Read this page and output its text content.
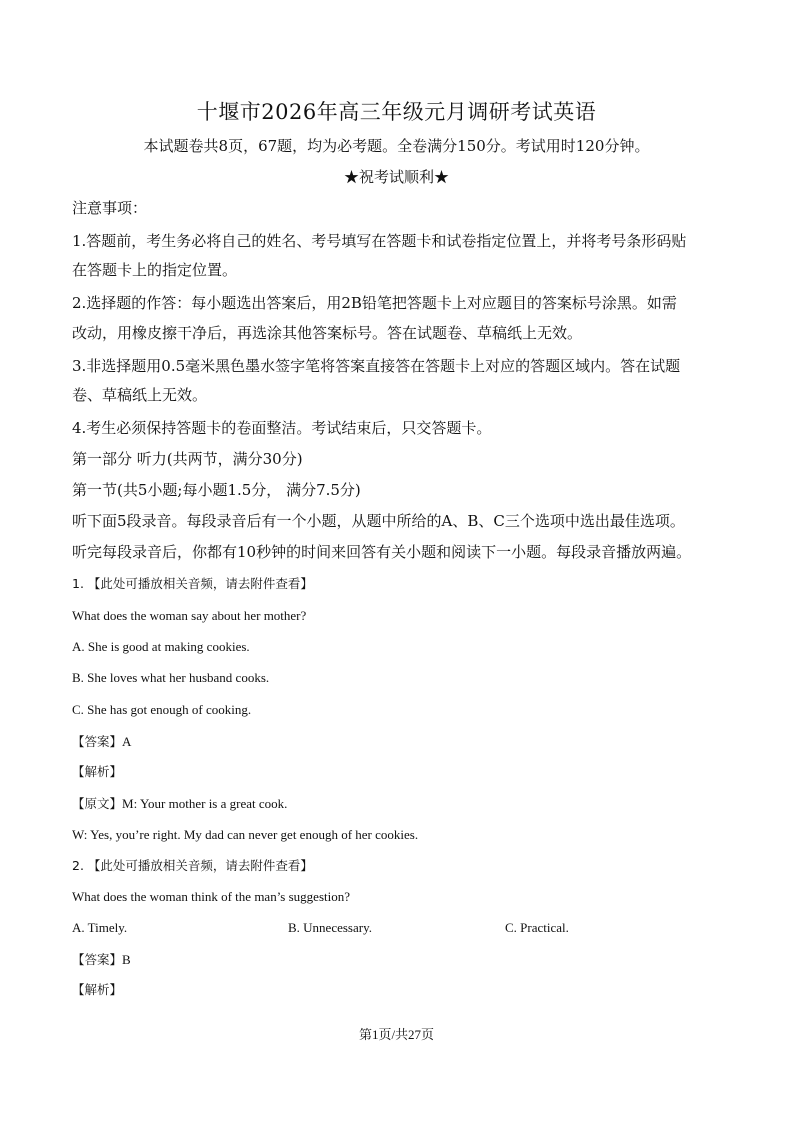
十堰市2026年高三年级元月调研考试英语
本试题卷共8页，67题，均为必考题。全卷满分150分。考试用时120分钟。
★祝考试顺利★
注意事项：
1.答题前，考生务必将自己的姓名、考号填写在答题卡和试卷指定位置上，并将考号条形码贴
在答题卡上的指定位置。
2.选择题的作答：每小题选出答案后，用2B铅笔把答题卡上对应题目的答案标号涂黑。如需
改动，用橡皮擦干净后，再选涂其他答案标号。答在试题卷、草稿纸上无效。
3.非选择题用0.5毫米黑色墨水签字笔将答案直接答在答题卡上对应的答题区域内。答在试题
卷、草稿纸上无效。
4.考生必须保持答题卡的卷面整洁。考试结束后，只交答题卡。
第一部分 听力(共两节，满分30分)
第一节(共5小题;每小题1.5分， 满分7.5分)
听下面5段录音。每段录音后有一个小题，从题中所给的A、B、C三个选项中选出最佳选项。
听完每段录音后，你都有10秒钟的时间来回答有关小题和阅读下一小题。每段录音播放两遍。
1. 【此处可播放相关音频，请去附件查看】
What does the woman say about her mother?
A. She is good at making cookies.
B. She loves what her husband cooks.
C. She has got enough of cooking.
【答案】A
【解析】
【原文】M: Your mother is a great cook.
W: Yes, you’re right. My dad can never get enough of her cookies.
2. 【此处可播放相关音频，请去附件查看】
What does the woman think of the man’s suggestion?
A. Timely.	B. Unnecessary.	C. Practical.
【答案】B
【解析】
第1页/共27页
